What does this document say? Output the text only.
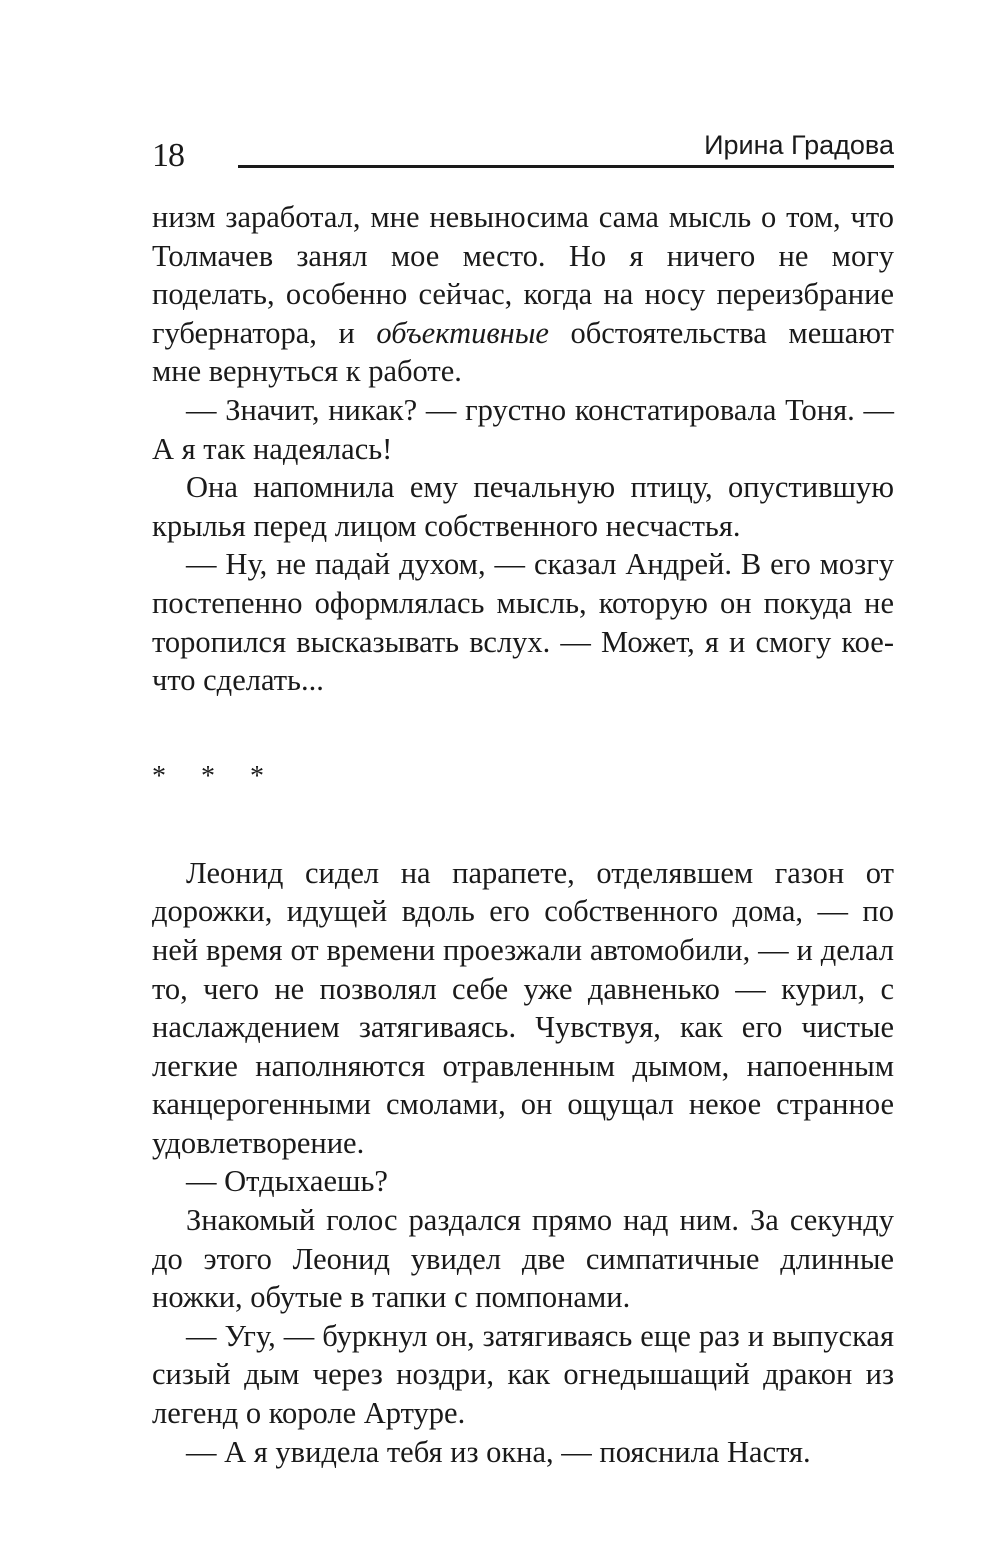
18	Ирина Градова

низм заработал, мне невыносима сама мысль о том, что Толмачев занял мое место. Но я ничего не могу поделать, особенно сейчас, когда на носу переизбрание губернатора, и объективные обстоятельства мешают мне вернуться к работе.

— Значит, никак? — грустно констатировала Тоня. — А я так надеялась!

Она напомнила ему печальную птицу, опустившую крылья перед лицом собственного несчастья.

— Ну, не падай духом, — сказал Андрей. В его мозгу постепенно оформлялась мысль, которую он покуда не торопился высказывать вслух. — Может, я и смогу кое-что сделать...

* * *

Леонид сидел на парапете, отделявшем газон от дорожки, идущей вдоль его собственного дома, — по ней время от времени проезжали автомобили, — и делал то, чего не позволял себе уже давненько — курил, с наслаждением затягиваясь. Чувствуя, как его чистые легкие наполняются отравленным дымом, напоенным канцерогенными смолами, он ощущал некое странное удовлетворение.

— Отдыхаешь?

Знакомый голос раздался прямо над ним. За секунду до этого Леонид увидел две симпатичные длинные ножки, обутые в тапки с помпонами.

— Угу, — буркнул он, затягиваясь еще раз и выпуская сизый дым через ноздри, как огнедышащий дракон из легенд о короле Артуре.

— А я увидела тебя из окна, — пояснила Настя.
